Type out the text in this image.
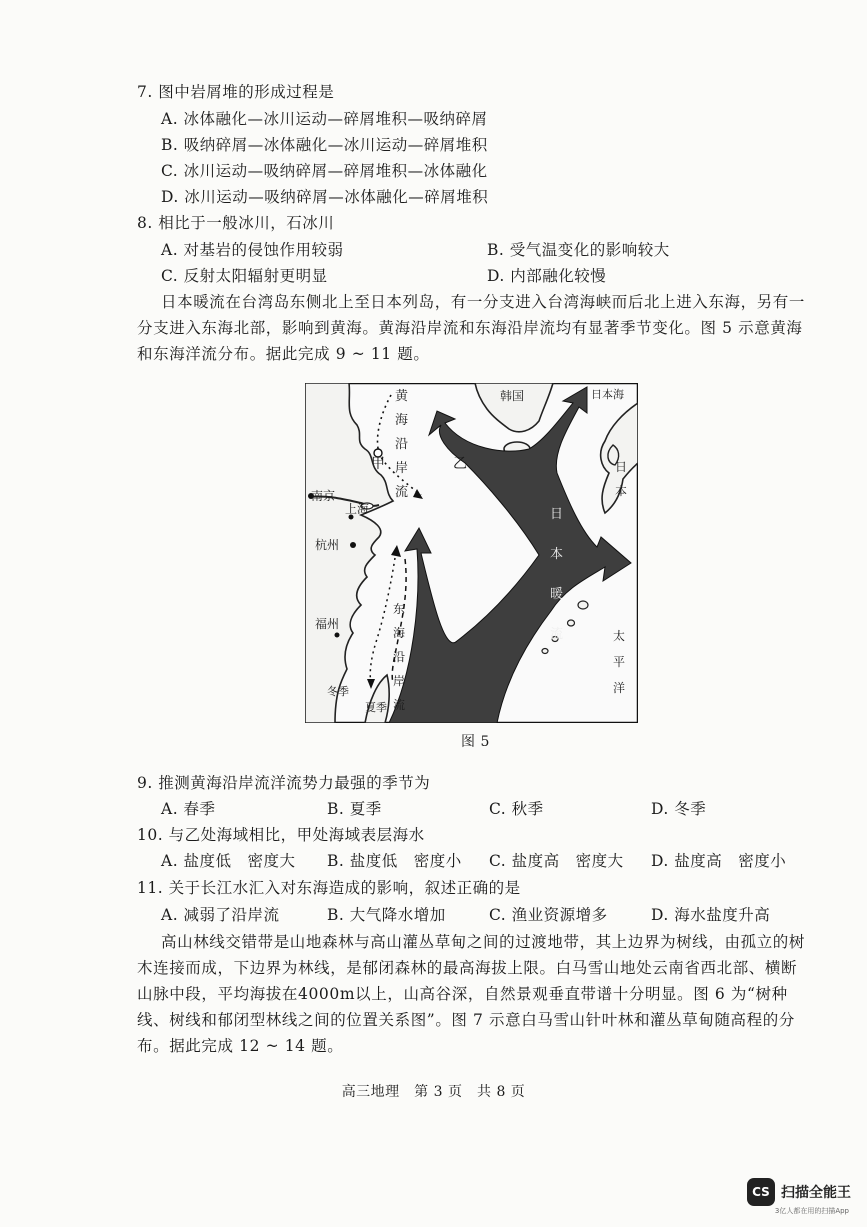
7. 图中岩屑堆的形成过程是
A. 冰体融化—冰川运动—碎屑堆积—吸纳碎屑
B. 吸纳碎屑—冰体融化—冰川运动—碎屑堆积
C. 冰川运动—吸纳碎屑—碎屑堆积—冰体融化
D. 冰川运动—吸纳碎屑—冰体融化—碎屑堆积
8. 相比于一般冰川，石冰川
A. 对基岩的侵蚀作用较弱	B. 受气温变化的影响较大
C. 反射太阳辐射更明显	D. 内部融化较慢
日本暖流在台湾岛东侧北上至日本列岛，有一分支进入台湾海峡而后北上进入东海，另有一分支进入东海北部，影响到黄海。黄海沿岸流和东海沿岸流均有显著季节变化。图 5 示意黄海和东海洋流分布。据此完成 9 ~ 11 题。
韩国	日本海
日本
太平洋
南京
上海
杭州
福州
甲	乙
黄海沿岸流
日本暖流
东海沿岸流
夏季
冬季
图 5
9. 推测黄海沿岸流洋流势力最强的季节为
A. 春季	B. 夏季	C. 秋季	D. 冬季
10. 与乙处海域相比，甲处海域表层海水
A. 盐度低　密度大 B. 盐度低　密度小 C. 盐度高　密度大 D. 盐度高　密度小
11. 关于长江水汇入对东海造成的影响，叙述正确的是
A. 减弱了沿岸流	B. 大气降水增加	C. 渔业资源增多	D. 海水盐度升高
高山林线交错带是山地森林与高山灌丛草甸之间的过渡地带，其上边界为树线，由孤立的树木连接而成，下边界为林线，是郁闭森林的最高海拔上限。白马雪山地处云南省西北部、横断山脉中段，平均海拔在4000m以上，山高谷深，自然景观垂直带谱十分明显。图 6 为“树种线、树线和郁闭型林线之间的位置关系图”。图 7 示意白马雪山针叶林和灌丛草甸随高程的分布。据此完成 12 ~ 14 题。
高三地理　第 3 页　共 8 页
CS 扫描全能王
3亿人都在用的扫描App
